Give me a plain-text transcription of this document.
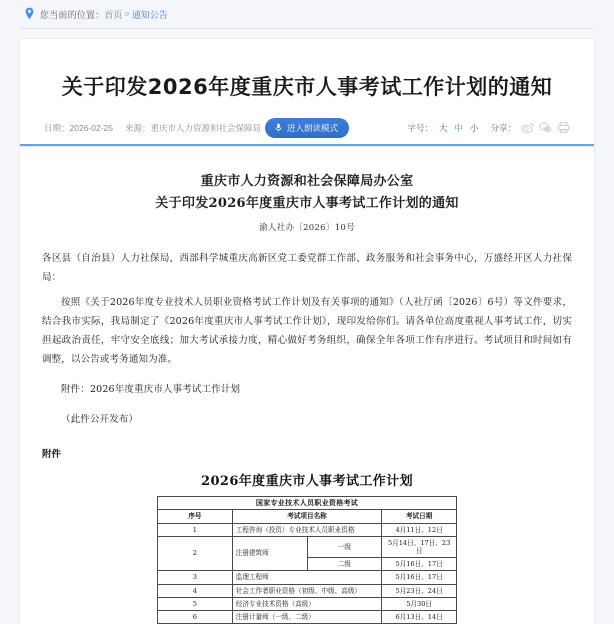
您当前的位置： 首页 > 通知公告
关于印发2026年度重庆市人事考试工作计划的通知
日期：2026-02-25 来源：重庆市人力资源和社会保障局	进入朗读模式	字号： 大 中 小 分享：
重庆市人力资源和社会保障局办公室
关于印发2026年度重庆市人事考试工作计划的通知
渝人社办〔2026〕10号

各区县（自治县）人力社保局，西部科学城重庆高新区党工委党群工作部、政务服务和社会事务中心，万盛经开区人力社保局：

按照《关于2026年度专业技术人员职业资格考试工作计划及有关事项的通知》（人社厅函〔2026〕6号）等文件要求，结合我市实际，我局制定了《2026年度重庆市人事考试工作计划》，现印发给你们。请各单位高度重视人事考试工作，切实担起政治责任，牢守安全底线；加大考试承接力度，精心做好考务组织，确保全年各项工作有序进行。考试项目和时间如有调整，以公告或考务通知为准。

附件：2026年度重庆市人事考试工作计划

（此件公开发布）

附件
2026年度重庆市人事考试工作计划
国家专业技术人员职业资格考试			
序号	考试项目名称		考试日期
1	工程咨询（投资）专业技术人员职业资格		4月11日、12日
2	注册建筑师	一级	5月14日、17日、23日
		二级	5月16日、17日
3	监理工程师		5月16日、17日
4	社会工作者职业资格（初级、中级、高级）		5月23日、24日
5	经济专业技术资格（高级）		5月30日
6	注册计量师（一级、二级）		6月13日、14日
